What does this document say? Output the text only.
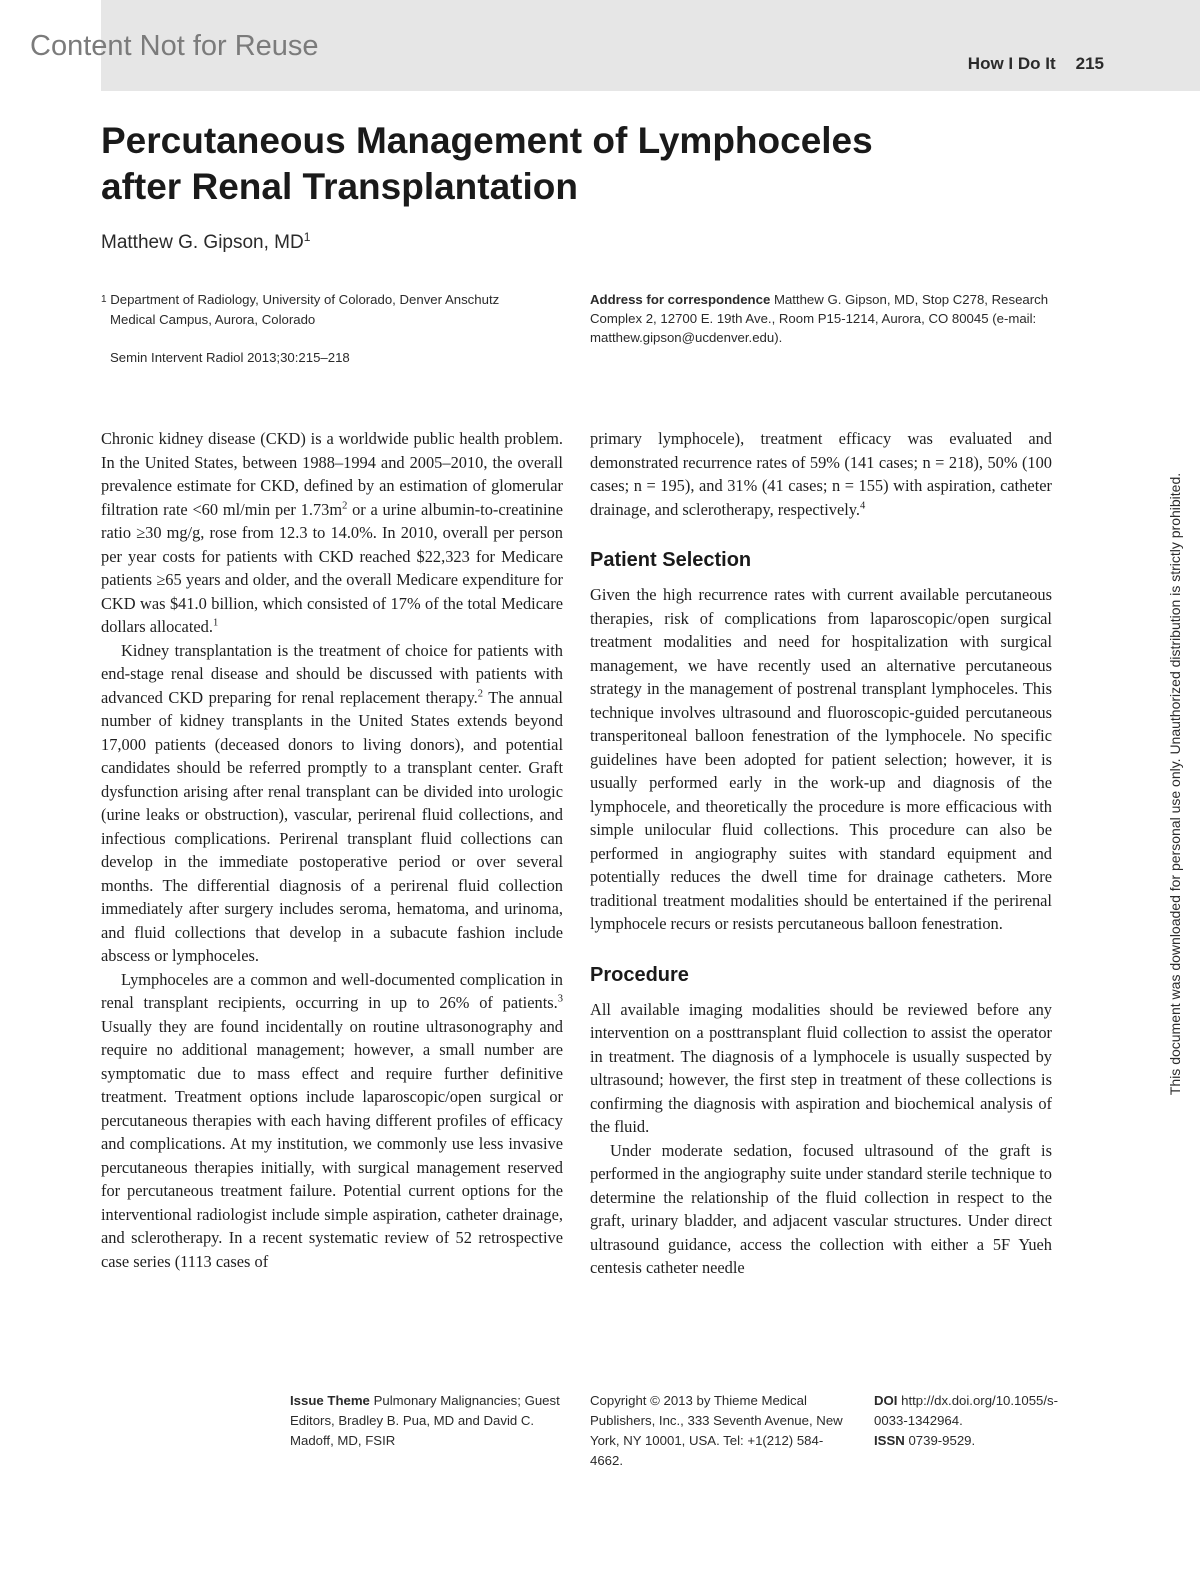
Content Not for Reuse
How I Do It 215
Percutaneous Management of Lymphoceles
after Renal Transplantation
Matthew G. Gipson, $MD^1$
$^1$ Department of Radiology, University of Colorado, Denver Anschutz
Medical Campus, Aurora, Colorado
Semin Intervent Radiol 2013;30:215–218
Address for correspondence Matthew G. Gipson, MD, Stop C278, Research Complex 2, 12700 E. 19th Ave., Room P15-1214, Aurora, CO 80045 (e-mail: matthew.gipson@ucdenver.edu).

Chronic kidney disease (CKD) is a worldwide public health problem. In the United States, between 1988–1994 and 2005–2010, the overall prevalence estimate for CKD, defined by an estimation of glomerular filtration rate <60 ml/min per $1.73m^2$ or a urine albumin-to-creatinine ratio ≥30 mg/g, rose from 12.3 to 14.0%. In 2010, overall per person per year costs for patients with CKD reached $22,323 for Medicare patients ≥65 years and older, and the overall Medicare expenditure for CKD was $41.0 billion, which consisted of 17% of the total Medicare dollars allocated.$^1$

Kidney transplantation is the treatment of choice for patients with end-stage renal disease and should be discussed with patients with advanced CKD preparing for renal replacement therapy.$^2$ The annual number of kidney transplants in the United States extends beyond 17,000 patients (deceased donors to living donors), and potential candidates should be referred promptly to a transplant center. Graft dysfunction arising after renal transplant can be divided into urologic (urine leaks or obstruction), vascular, perirenal fluid collections, and infectious complications. Perirenal transplant fluid collections can develop in the immediate postoperative period or over several months. The differential diagnosis of a perirenal fluid collection immediately after surgery includes seroma, hematoma, and urinoma, and fluid collections that develop in a subacute fashion include abscess or lymphoceles.

Lymphoceles are a common and well-documented complication in renal transplant recipients, occurring in up to 26% of patients.$^3$ Usually they are found incidentally on routine ultrasonography and require no additional management; however, a small number are symptomatic due to mass effect and require further definitive treatment. Treatment options include laparoscopic/open surgical or percutaneous therapies with each having different profiles of efficacy and complications. At my institution, we commonly use less invasive percutaneous therapies initially, with surgical management reserved for percutaneous treatment failure. Potential current options for the interventional radiologist include simple aspiration, catheter drainage, and sclerotherapy. In a recent systematic review of 52 retrospective case series (1113 cases of

primary lymphocele), treatment efficacy was evaluated and demonstrated recurrence rates of 59% (141 cases; n = 218), 50% (100 cases; n = 195), and 31% (41 cases; n = 155) with aspiration, catheter drainage, and sclerotherapy, respectively.$^4$

Patient Selection

Given the high recurrence rates with current available percutaneous therapies, risk of complications from laparoscopic/open surgical treatment modalities and need for hospitalization with surgical management, we have recently used an alternative percutaneous strategy in the management of postrenal transplant lymphoceles. This technique involves ultrasound and fluoroscopic-guided percutaneous transperitoneal balloon fenestration of the lymphocele. No specific guidelines have been adopted for patient selection; however, it is usually performed early in the work-up and diagnosis of the lymphocele, and theoretically the procedure is more efficacious with simple unilocular fluid collections. This procedure can also be performed in angiography suites with standard equipment and potentially reduces the dwell time for drainage catheters. More traditional treatment modalities should be entertained if the perirenal lymphocele recurs or resists percutaneous balloon fenestration.

Procedure

All available imaging modalities should be reviewed before any intervention on a posttransplant fluid collection to assist the operator in treatment. The diagnosis of a lymphocele is usually suspected by ultrasound; however, the first step in treatment of these collections is confirming the diagnosis with aspiration and biochemical analysis of the fluid.

Under moderate sedation, focused ultrasound of the graft is performed in the angiography suite under standard sterile technique to determine the relationship of the fluid collection in respect to the graft, urinary bladder, and adjacent vascular structures. Under direct ultrasound guidance, access the collection with either a 5F Yueh centesis catheter needle

This document was downloaded for personal use only. Unauthorized distribution is strictly prohibited.
Issue Theme Pulmonary Malignancies; Guest Editors, Bradley B. Pua, MD and David C. Madoff, MD, FSIR
Copyright © 2013 by Thieme Medical Publishers, Inc., 333 Seventh Avenue, New York, NY 10001, USA. Tel: +1(212) 584-4662.
DOI http://dx.doi.org/10.1055/s-0033-1342964.
ISSN 0739-9529.
